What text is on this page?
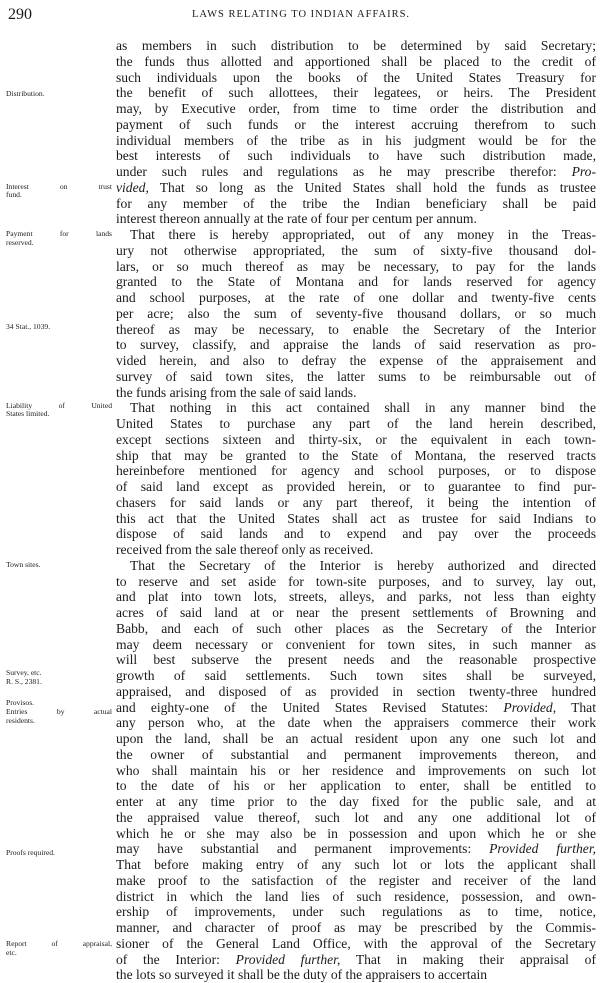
290	LAWS RELATING TO INDIAN AFFAIRS.
as members in such distribution to be determined by said Secretary;
the funds thus allotted and apportioned shall be placed to the credit of
such individuals upon the books of the United States Treasury for
the benefit of such allottees, their legatees, or heirs. The President
may, by Executive order, from time to time order the distribution and
payment of such funds or the interest accruing therefrom to such
individual members of the tribe as in his judgment would be for the
best interests of such individuals to have such distribution made,
under such rules and regulations as he may prescribe therefor: Pro-
vided, That so long as the United States shall hold the funds as trustee
for any member of the tribe the Indian beneficiary shall be paid
interest thereon annually at the rate of four per centum per annum.
That there is hereby appropriated, out of any money in the Treas-
ury not otherwise appropriated, the sum of sixty-five thousand dol-
lars, or so much thereof as may be necessary, to pay for the lands
granted to the State of Montana and for lands reserved for agency
and school purposes, at the rate of one dollar and twenty-five cents
per acre; also the sum of seventy-five thousand dollars, or so much
thereof as may be necessary, to enable the Secretary of the Interior
to survey, classify, and appraise the lands of said reservation as pro-
vided herein, and also to defray the expense of the appraisement and
survey of said town sites, the latter sums to be reimbursable out of
the funds arising from the sale of said lands.
That nothing in this act contained shall in any manner bind the
United States to purchase any part of the land herein described,
except sections sixteen and thirty-six, or the equivalent in each town-
ship that may be granted to the State of Montana, the reserved tracts
hereinbefore mentioned for agency and school purposes, or to dispose
of said land except as provided herein, or to guarantee to find pur-
chasers for said lands or any part thereof, it being the intention of
this act that the United States shall act as trustee for said Indians to
dispose of said lands and to expend and pay over the proceeds
received from the sale thereof only as received.
That the Secretary of the Interior is hereby authorized and directed
to reserve and set aside for town-site purposes, and to survey, lay out,
and plat into town lots, streets, alleys, and parks, not less than eighty
acres of said land at or near the present settlements of Browning and
Babb, and each of such other places as the Secretary of the Interior
may deem necessary or convenient for town sites, in such manner as
will best subserve the present needs and the reasonable prospective
growth of said settlements. Such town sites shall be surveyed,
appraised, and disposed of as provided in section twenty-three hundred
and eighty-one of the United States Revised Statutes: Provided, That
any person who, at the date when the appraisers commerce their work
upon the land, shall be an actual resident upon any one such lot and
the owner of substantial and permanent improvements thereon, and
who shall maintain his or her residence and improvements on such lot
to the date of his or her application to enter, shall be entitled to
enter at any time prior to the day fixed for the public sale, and at
the appraised value thereof, such lot and any one additional lot of
which he or she may also be in possession and upon which he or she
may have substantial and permanent improvements: Provided further,
That before making entry of any such lot or lots the applicant shall
make proof to the satisfaction of the register and receiver of the land
district in which the land lies of such residence, possession, and own-
ership of improvements, under such regulations as to time, notice,
manner, and character of proof as may be prescribed by the Commis-
sioner of the General Land Office, with the approval of the Secretary
of the Interior: Provided further, That in making their appraisal of
the lots so surveyed it shall be the duty of the appraisers to accertain
Distribution.
Interest on trust
fund.
Payment for lands
reserved.
34 Stat., 1039.
Liability of United
States limited.
Town sites.
Survey, etc.
R. S., 2381.
Provisos.
Entries by actual
residents.
Proofs required.
Report of appraisal,
etc.
